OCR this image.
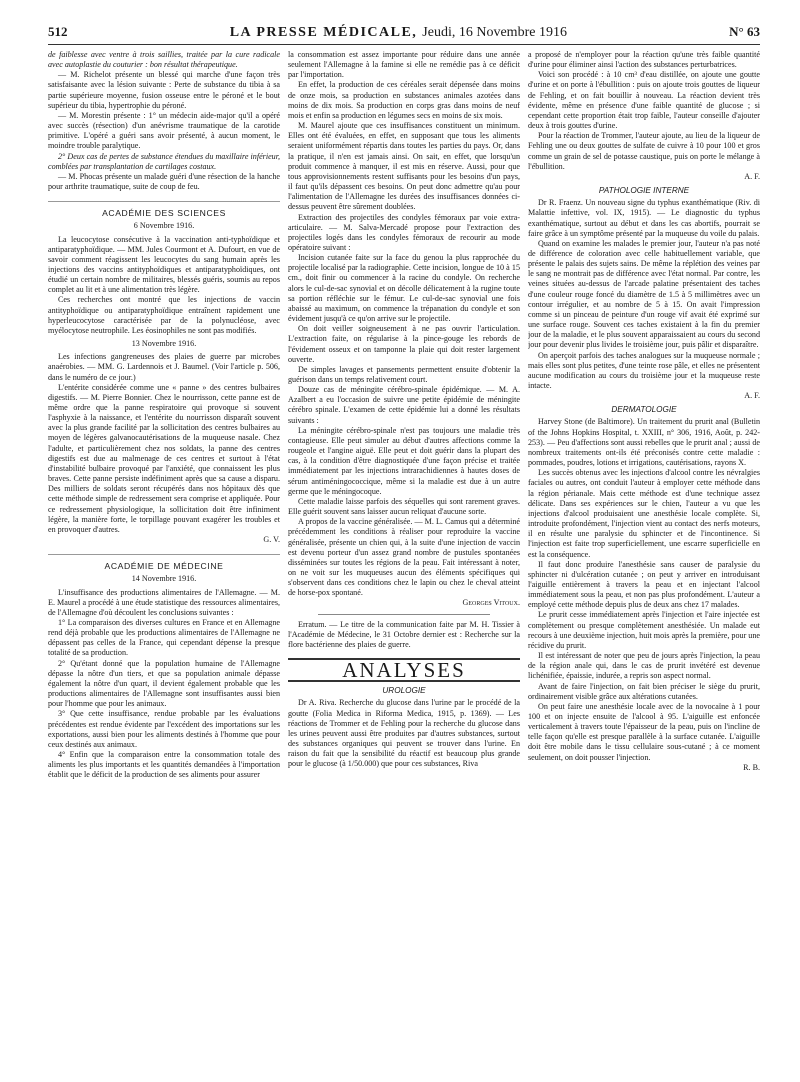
512	LA PRESSE MÉDICALE, Jeudi, 16 Novembre 1916	N° 63

de faiblesse avec ventre à trois saillies, traitée par la cure radicale avec autoplastie du couturier : bon résultat thérapeutique.

— M. Richelot présente un blessé qui marche d'une façon très satisfaisante avec la lésion suivante : Perte de substance du tibia à sa partie supérieure moyenne, fusion osseuse entre le péroné et le bout supérieur du tibia, hypertrophie du péroné.

— M. Morestin présente : 1° un médecin aide-major qu'il a opéré avec succès (résection) d'un anévrisme traumatique de la carotide primitive. L'opéré a guéri sans avoir présenté, à aucun moment, le moindre trouble paralytique.

2° Deux cas de pertes de substance étendues du maxillaire inférieur, comblées par transplantation de cartilages costaux.

— M. Phocas présente un malade guéri d'une résection de la hanche pour arthrite traumatique, suite de coup de feu.

ACADÉMIE DES SCIENCES
6 Novembre 1916.

La leucocytose consécutive à la vaccination anti-typhoïdique et antiparatyphoïdique. — MM. Jules Courmont et A. Dufourt, en vue de savoir comment réagissent les leucocytes du sang humain après les injections des vaccins antityphoïdiques et antiparatyphoïdiques, ont étudié un certain nombre de militaires, blessés guéris, soumis au repos complet au lit et à une alimentation très légère.

Ces recherches ont montré que les injections de vaccin antityphoïdique ou antiparatyphoïdique entraînent rapidement une hyperleucocytose caractérisée par de la polynucléose, avec myélocytose neutrophile. Les éosinophiles ne sont pas modifiés.

13 Novembre 1916.

Les infections gangreneuses des plaies de guerre par microbes anaérobies. — MM. G. Lardennois et J. Baumel. (Voir l'article p. 506, dans le numéro de ce jour.)

L'entérite considérée comme une « panne » des centres bulbaires digestifs. — M. Pierre Bonnier. Chez le nourrisson, cette panne est de même ordre que la panne respiratoire qui provoque si souvent l'asphyxie à la naissance, et l'entérite du nourrisson disparaît souvent avec la plus grande facilité par la sollicitation des centres bulbaires au moyen de légères galvanocautérisations de la muqueuse nasale. Chez l'adulte, et particulièrement chez nos soldats, la panne des centres digestifs est due au malmenage de ces centres et surtout à l'état d'instabilité bulbaire provoqué par l'anxiété, que connaissent les plus braves. Cette panne persiste indéfiniment après que sa cause a disparu. Des milliers de soldats seront récupérés dans nos hôpitaux dès que cette méthode simple de redressement sera comprise et appliquée. Pour ce redressement physiologique, la sollicitation doit être infiniment légère, la manière forte, le torpillage pouvant exagérer les troubles et en provoquer d'autres.

G. V.
ACADÉMIE DE MÉDECINE
14 Novembre 1916.

L'insuffisance des productions alimentaires de l'Allemagne. — M. E. Maurel a procédé à une étude statistique des ressources alimentaires, de l'Allemagne d'où découlent les conclusions suivantes :

1° La comparaison des diverses cultures en France et en Allemagne rend déjà probable que les productions alimentaires de l'Allemagne ne dépassent pas celles de la France, qui cependant dépense la presque totalité de sa production.

2° Qu'étant donné que la population humaine de l'Allemagne dépasse la nôtre d'un tiers, et que sa population animale dépasse également la nôtre d'un quart, il devient également probable que les productions alimentaires de l'Allemagne sont insuffisantes aussi bien pour l'homme que pour les animaux.

3° Que cette insuffisance, rendue probable par les évaluations précédentes est rendue évidente par l'excédent des importations sur les exportations, aussi bien pour les aliments destinés à l'homme que pour ceux destinés aux animaux.

4° Enfin que la comparaison entre la consommation totale des aliments les plus importants et les quantités demandées à l'importation établit que le déficit de la production de ses aliments pour assurer

la consommation est assez importante pour réduire dans une année seulement l'Allemagne à la famine si elle ne remédie pas à ce déficit par l'importation.

En effet, la production de ces céréales serait dépensée dans moins de onze mois, sa production en substances animales azotées dans moins de dix mois. Sa production en corps gras dans moins de neuf mois et enfin sa production en légumes secs en moins de six mois.

M. Maurel ajoute que ces insuffisances constituent un minimum. Elles ont été évaluées, en effet, en supposant que tous les aliments seraient uniformément répartis dans toutes les parties du pays. Or, dans la pratique, il n'en est jamais ainsi. On sait, en effet, que lorsqu'un produit commence à manquer, il est mis en réserve. Aussi, pour que tous approvisionnements restent suffisants pour les besoins d'un pays, il faut qu'ils dépassent ces besoins. On peut donc admettre qu'au pour l'alimentation de l'Allemagne les durées des insuffisances données ci-dessus peuvent être sûrement doublées.

Extraction des projectiles des condyles fémoraux par voie extra-articulaire. — M. Salva-Mercadé propose pour l'extraction des projectiles logés dans les condyles fémoraux de recourir au mode opératoire suivant :

Incision cutanée faite sur la face du genou la plus rapprochée du projectile localisé par la radiographie. Cette incision, longue de 10 à 15 cm., doit finir ou commencer à la racine du condyle. On recherche alors le cul-de-sac synovial et on décolle délicatement à la rugine toute sa portion réfléchie sur le fémur. Le cul-de-sac synovial une fois abaissé au maximum, on commence la trépanation du condyle et son évidement jusqu'à ce qu'on arrive sur le projectile.

On doit veiller soigneusement à ne pas ouvrir l'articulation. L'extraction faite, on régularise à la pince-gouge les rebords de l'évidement osseux et on tamponne la plaie qui doit rester largement ouverte.

De simples lavages et pansements permettent ensuite d'obtenir la guérison dans un temps relativement court.

Douze cas de méningite cérébro-spinale épidémique. — M. A. Azalbert a eu l'occasion de suivre une petite épidémie de méningite cérébro spinale. L'examen de cette épidémie lui a donné les résultats suivants :

La méningite cérébro-spinale n'est pas toujours une maladie très contagieuse. Elle peut simuler au début d'autres affections comme la rougeole et l'angine aiguë. Elle peut et doit guérir dans la plupart des cas, à la condition d'être diagnostiquée d'une façon précise et traitée immédiatement par les injections intrarachidiennes à hautes doses de sérum antiméningococcique, même si la maladie est due à un autre germe que le méningocoque.

Cette maladie laisse parfois des séquelles qui sont rarement graves. Elle guérit souvent sans laisser aucun reliquat d'aucune sorte.

A propos de la vaccine généralisée. — M. L. Camus qui a déterminé précédemment les conditions à réaliser pour reproduire la vaccine généralisée, présente un chien qui, à la suite d'une injection de vaccin est devenu porteur d'un assez grand nombre de pustules spontanées disséminées sur toutes les régions de la peau. Fait intéressant à noter, on ne voit sur les muqueuses aucun des éléments spécifiques qui s'observent dans ces conditions chez le lapin ou chez le cheval atteint de horse-pox spontané.

Georges Vitoux.

Erratum. — Le titre de la communication faite par M. H. Tissier à l'Académie de Médecine, le 31 Octobre dernier est : Recherche sur la flore bactérienne des plaies de guerre.

ANALYSES
UROLOGIE

Dr A. Riva. Recherche du glucose dans l'urine par le procédé de la goutte (Folia Medica in Riforma Medica, 1915, p. 1369). — Les réactions de Trommer et de Fehling pour la recherche du glucose dans les urines peuvent aussi être produites par d'autres substances, surtout des substances organiques qui peuvent se trouver dans l'urine. En raison du fait que la sensibilité du réactif est beaucoup plus grande pour le glucose (à 1/50.000) que pour ces substances, Riva

a proposé de n'employer pour la réaction qu'une très faible quantité d'urine pour éliminer ainsi l'action des substances perturbatrices.

Voici son procédé : à 10 cm³ d'eau distillée, on ajoute une goutte d'urine et on porte à l'ébullition : puis on ajoute trois gouttes de liqueur de Fehling, et on fait bouillir à nouveau. La réaction devient très évidente, même en présence d'une faible quantité de glucose ; si cependant cette proportion était trop faible, l'auteur conseille d'ajouter deux à trois gouttes d'urine.

Pour la réaction de Trommer, l'auteur ajoute, au lieu de la liqueur de Fehling une ou deux gouttes de sulfate de cuivre à 10 pour 100 et gros comme un grain de sel de potasse caustique, puis on porte le mélange à l'ébullition.

A. F.
PATHOLOGIE INTERNE

Dr R. Fraenz. Un nouveau signe du typhus exanthématique (Riv. di Malattie infettive, vol. IX, 1915). — Le diagnostic du typhus exanthématique, surtout au début et dans les cas abortifs, pourrait se faire grâce à un symptôme présenté par la muqueuse du voile du palais.

Quand on examine les malades le premier jour, l'auteur n'a pas noté de différence de coloration avec celle habituellement variable, que présente le palais des sujets sains. De même la réplétion des veines par le sang ne montrait pas de différence avec l'état normal. Par contre, les veines situées au-dessus de l'arcade palatine présentaient des taches d'une couleur rouge foncé du diamètre de 1.5 à 5 millimètres avec un contour irrégulier, et au nombre de 5 à 15. On avait l'impression comme si un pinceau de peinture d'un rouge vif avait été exprimé sur une surface rouge. Souvent ces taches existaient à la fin du premier jour de la maladie, et le plus souvent apparaissaient au cours du second jour pour devenir plus livides le troisième jour, puis pâlir et disparaître.

On aperçoit parfois des taches analogues sur la muqueuse normale ; mais elles sont plus petites, d'une teinte rose pâle, et elles ne présentent aucune modification au cours du troisième jour et la muqueuse reste intacte.

A. F.
DERMATOLOGIE

Harvey Stone (de Baltimore). Un traitement du prurit anal (Bulletin of the Johns Hopkins Hospital, t. XXIII, n° 306, 1916, Août, p. 242-253). — Peu d'affections sont aussi rebelles que le prurit anal ; aussi de nombreux traitements ont-ils été préconisés contre cette maladie : pommades, poudres, lotions et irrigations, cautérisations, rayons X.

Les succès obtenus avec les injections d'alcool contre les névralgies faciales ou autres, ont conduit l'auteur à employer cette méthode dans la région périanale. Mais cette méthode est d'une technique assez délicate. Dans ses expériences sur le chien, l'auteur a vu que les injections d'alcool produisaient une anesthésie locale complète. Si, introduite profondément, l'injection vient au contact des nerfs moteurs, il en résulte une paralysie du sphincter et de l'incontinence. Si l'injection est faite trop superficiellement, une escarre superficielle en est la conséquence.

Il faut donc produire l'anesthésie sans causer de paralysie du sphincter ni d'ulcération cutanée ; on peut y arriver en introduisant l'aiguille entièrement à travers la peau et en injectant l'alcool immédiatement sous la peau, et non pas plus profondément. L'auteur a employé cette méthode depuis plus de deux ans chez 17 malades.

Le prurit cesse immédiatement après l'injection et l'aire injectée est complètement ou presque complètement anesthésiée. Un malade eut recours à une deuxième injection, huit mois après la première, pour une récidive du prurit.

Il est intéressant de noter que peu de jours après l'injection, la peau de la région anale qui, dans le cas de prurit invétéré est devenue lichénifiée, épaissie, indurée, a repris son aspect normal.

Avant de faire l'injection, on fait bien préciser le siège du prurit, ordinairement visible grâce aux altérations cutanées.

On peut faire une anesthésie locale avec de la novocaïne à 1 pour 100 et on injecte ensuite de l'alcool à 95. L'aiguille est enfoncée verticalement à travers toute l'épaisseur de la peau, puis on l'incline de telle façon qu'elle est presque parallèle à la surface cutanée. L'aiguille doit être mobile dans le tissu cellulaire sous-cutané ; à ce moment seulement, on doit pousser l'injection.

R. B.
